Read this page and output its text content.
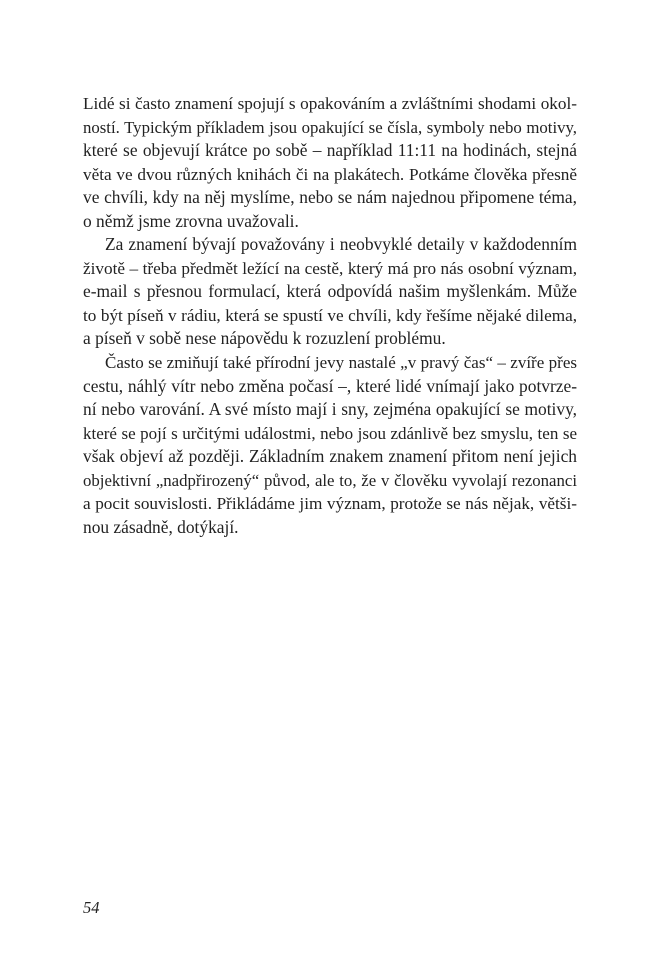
Lidé si často znamení spojují s opakováním a zvláštními shodami okol-
ností. Typickým příkladem jsou opakující se čísla, symboly nebo motivy,
které se objevují krátce po sobě – například 11:11 na hodinách, stejná
věta ve dvou různých knihách či na plakátech. Potkáme člověka přesně
ve chvíli, kdy na něj myslíme, nebo se nám najednou připomene téma,
o němž jsme zrovna uvažovali.
Za znamení bývají považovány i neobvyklé detaily v každodenním
životě – třeba předmět ležící na cestě, který má pro nás osobní význam,
e-mail s přesnou formulací, která odpovídá našim myšlenkám. Může
to být píseň v rádiu, která se spustí ve chvíli, kdy řešíme nějaké dilema,
a píseň v sobě nese nápovědu k rozuzlení problému.
Často se zmiňují také přírodní jevy nastalé „v pravý čas“ – zvíře přes
cestu, náhlý vítr nebo změna počasí –, které lidé vnímají jako potvrze-
ní nebo varování. A své místo mají i sny, zejména opakující se motivy,
které se pojí s určitými událostmi, nebo jsou zdánlivě bez smyslu, ten se
však objeví až později. Základním znakem znamení přitom není jejich
objektivní „nadpřirozený“ původ, ale to, že v člověku vyvolají rezonanci
a pocit souvislosti. Přikládáme jim význam, protože se nás nějak, větši-
nou zásadně, dotýkají.
54
